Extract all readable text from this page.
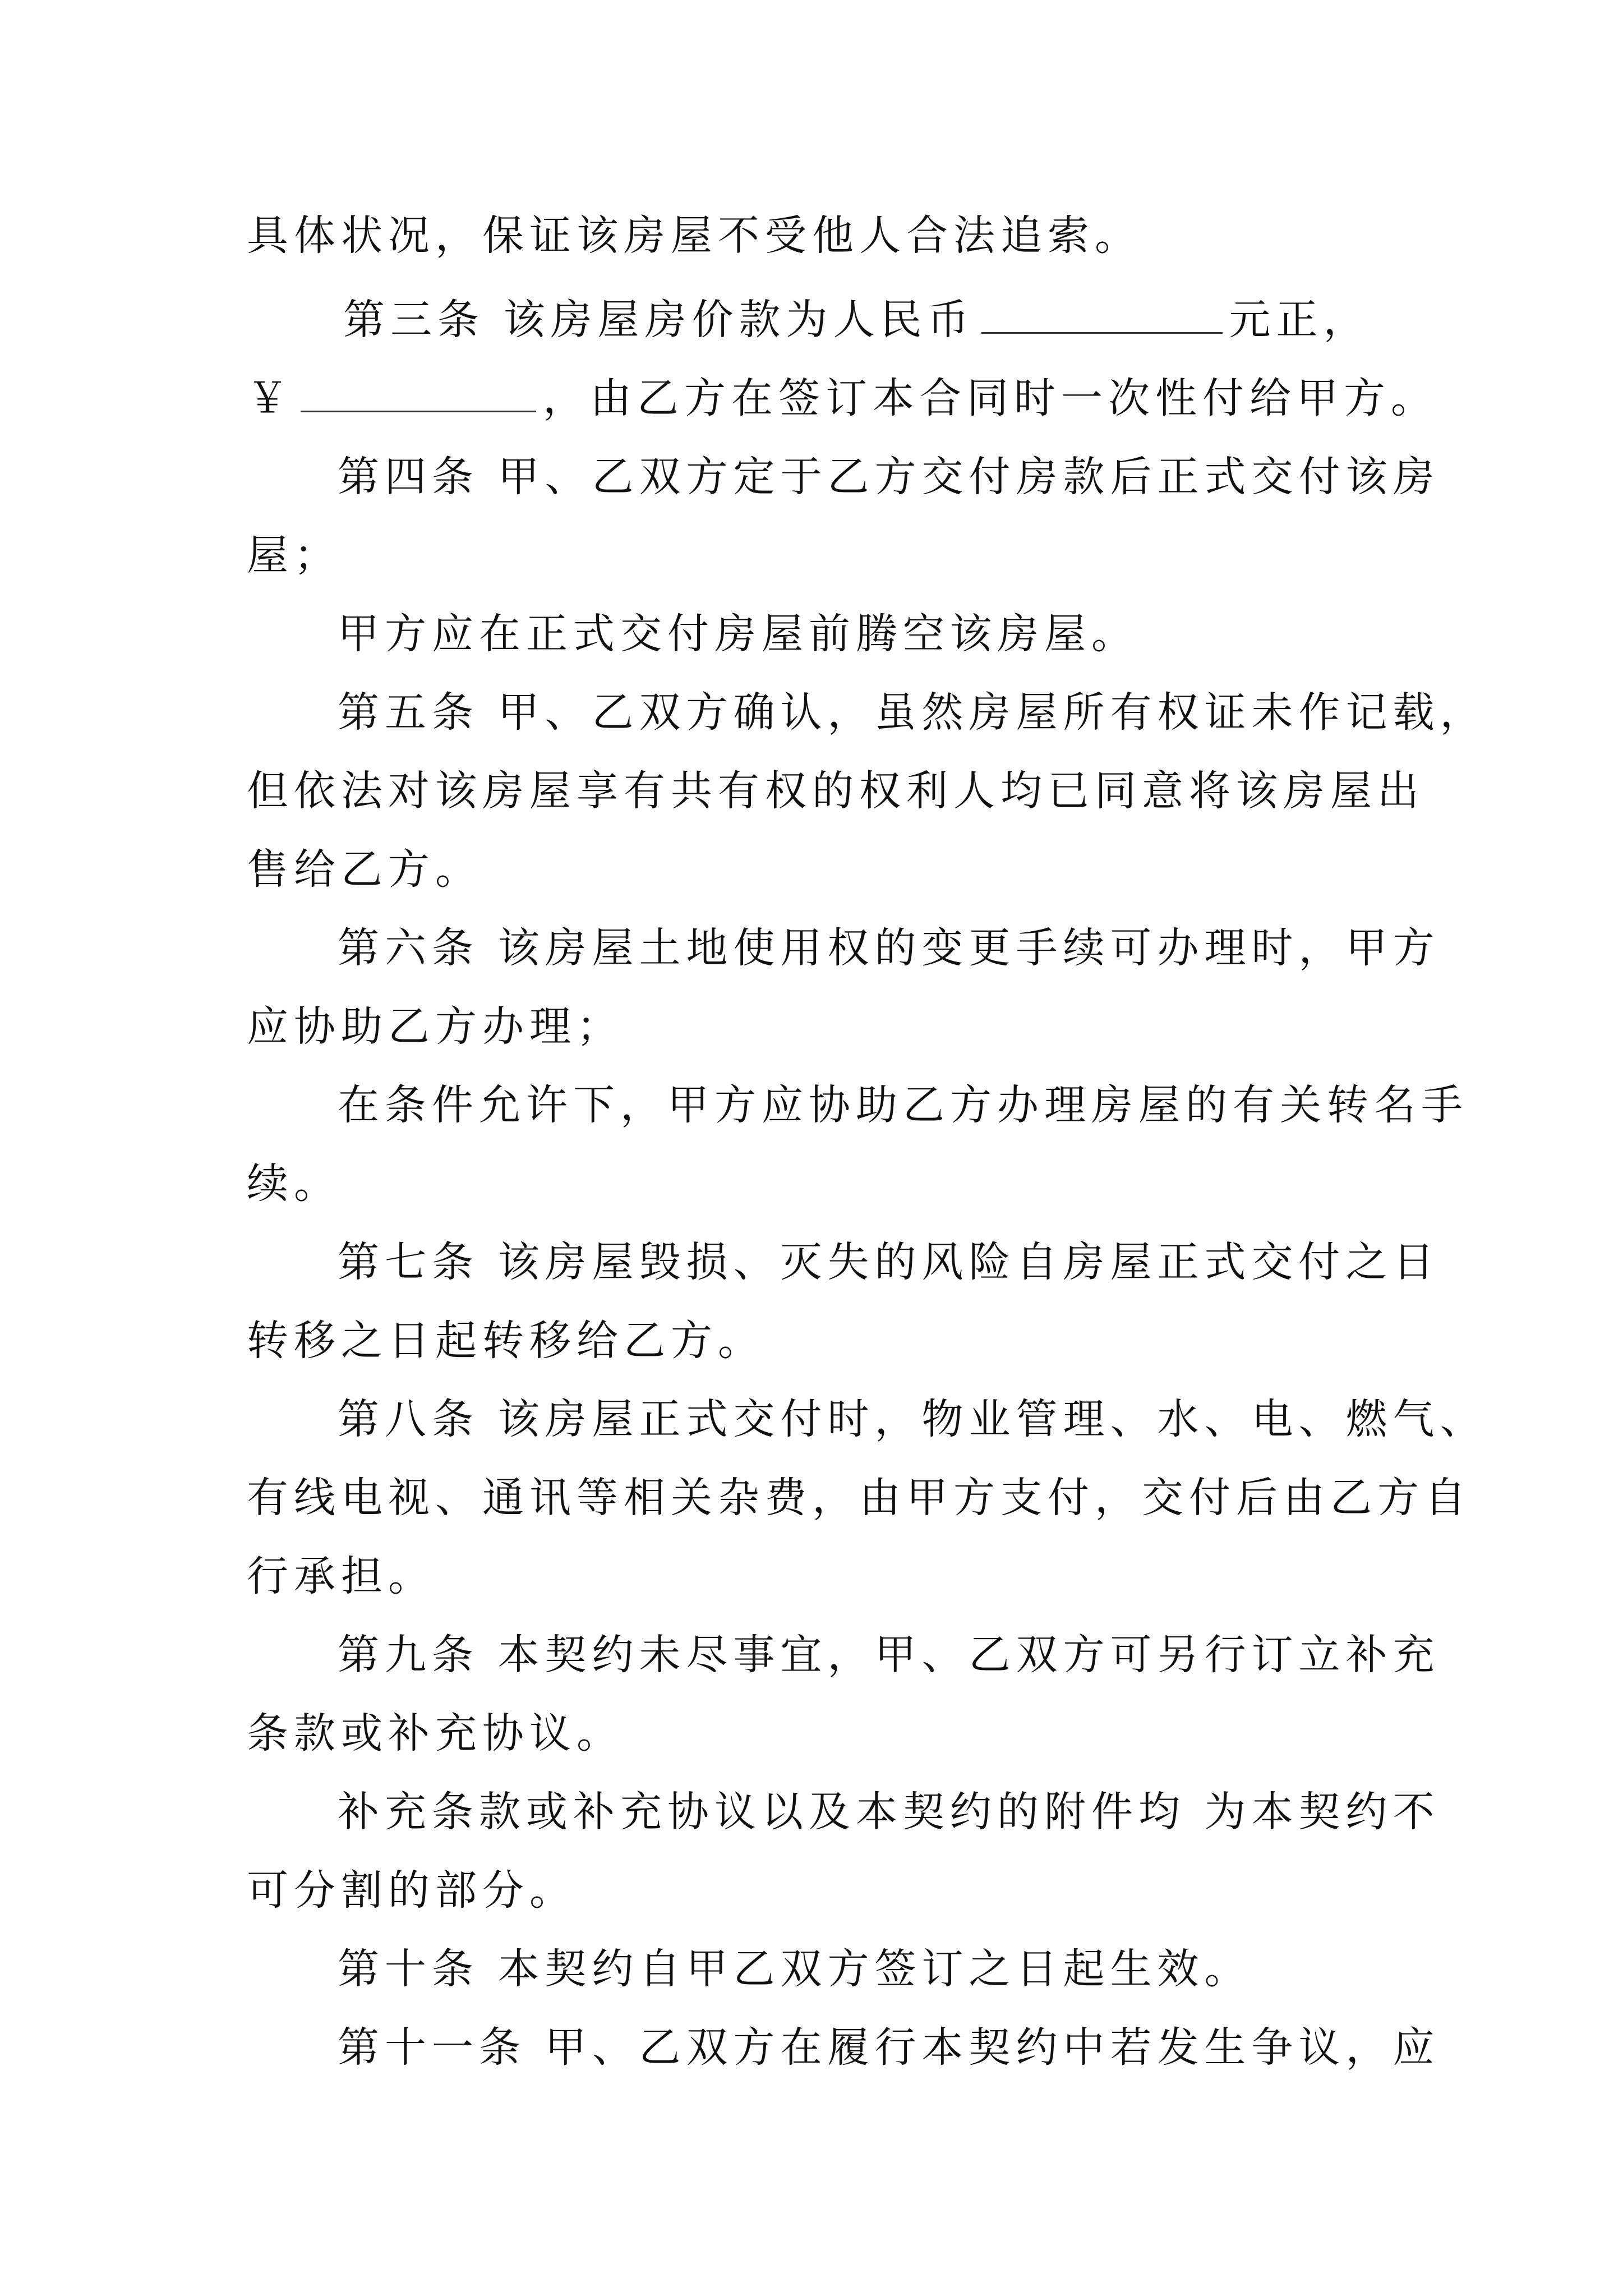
具体状况，保证该房屋不受他人合法追索。
第三条 该房屋房价款为人民币	元正，
￥	，由乙方在签订本合同时一次性付给甲方。
第四条 甲、乙双方定于乙方交付房款后正式交付该房
屋；
甲方应在正式交付房屋前腾空该房屋。
第五条 甲、乙双方确认，虽然房屋所有权证未作记载，
但依法对该房屋享有共有权的权利人均已同意将该房屋出
售给乙方。
第六条 该房屋土地使用权的变更手续可办理时，甲方
应协助乙方办理；
在条件允许下，甲方应协助乙方办理房屋的有关转名手
续。
第七条 该房屋毁损、灭失的风险自房屋正式交付之日
转移之日起转移给乙方。
第八条 该房屋正式交付时，物业管理、水、电、燃气、
有线电视、通讯等相关杂费，由甲方支付，交付后由乙方自
行承担。
第九条 本契约未尽事宜，甲、乙双方可另行订立补充
条款或补充协议。
补充条款或补充协议以及本契约的附件均 为本契约不
可分割的部分。
第十条 本契约自甲乙双方签订之日起生效。
第十一条 甲、乙双方在履行本契约中若发生争议，应
